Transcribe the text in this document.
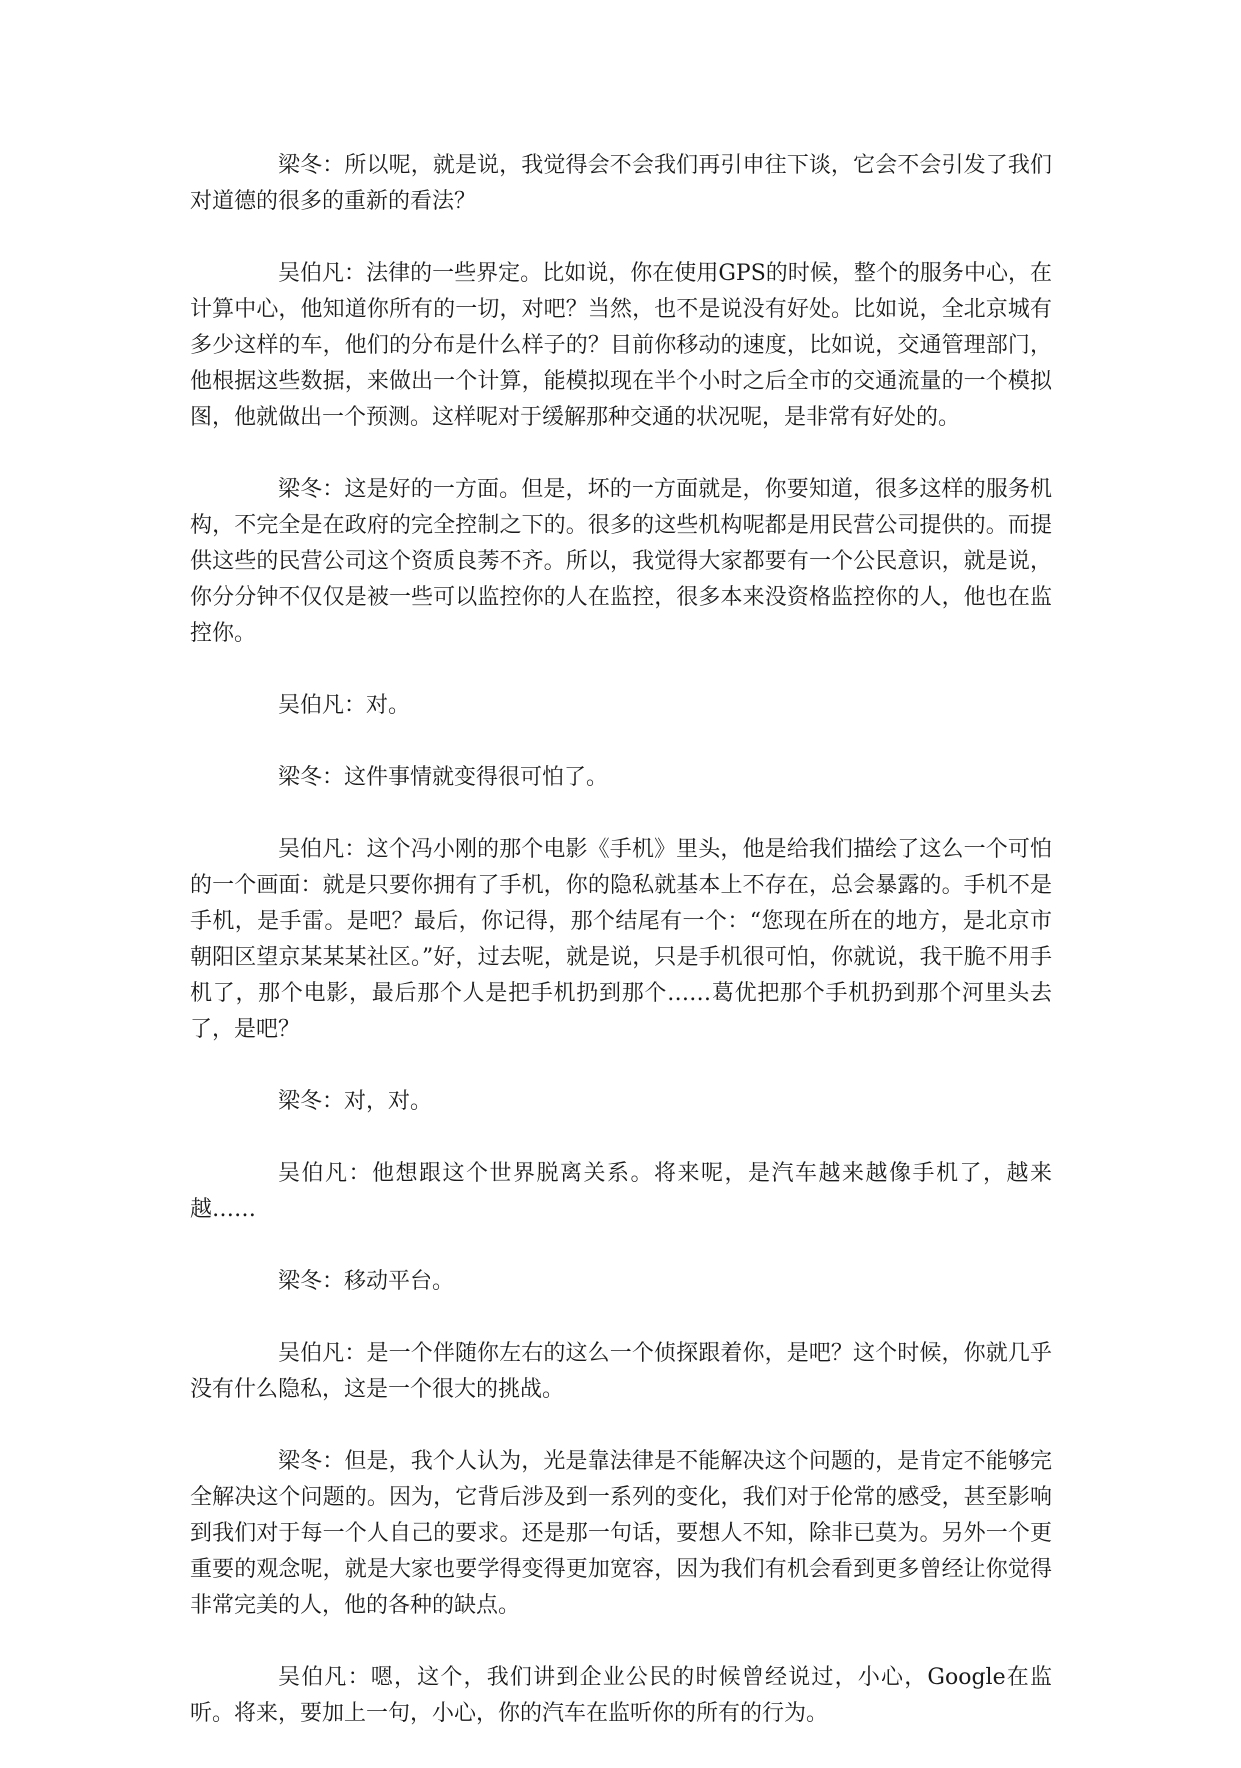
梁冬：所以呢，就是说，我觉得会不会我们再引申往下谈，它会不会引发了我们对道德的很多的重新的看法？

吴伯凡：法律的一些界定。比如说，你在使用GPS的时候，整个的服务中心，在计算中心，他知道你所有的一切，对吧？当然，也不是说没有好处。比如说，全北京城有多少这样的车，他们的分布是什么样子的？目前你移动的速度，比如说，交通管理部门，他根据这些数据，来做出一个计算，能模拟现在半个小时之后全市的交通流量的一个模拟图，他就做出一个预测。这样呢对于缓解那种交通的状况呢，是非常有好处的。

梁冬：这是好的一方面。但是，坏的一方面就是，你要知道，很多这样的服务机构，不完全是在政府的完全控制之下的。很多的这些机构呢都是用民营公司提供的。而提供这些的民营公司这个资质良莠不齐。所以，我觉得大家都要有一个公民意识，就是说，你分分钟不仅仅是被一些可以监控你的人在监控，很多本来没资格监控你的人，他也在监控你。

吴伯凡：对。

梁冬：这件事情就变得很可怕了。

吴伯凡：这个冯小刚的那个电影《手机》里头，他是给我们描绘了这么一个可怕的一个画面：就是只要你拥有了手机，你的隐私就基本上不存在，总会暴露的。手机不是手机，是手雷。是吧？最后，你记得，那个结尾有一个：“您现在所在的地方，是北京市朝阳区望京某某某社区。”好，过去呢，就是说，只是手机很可怕，你就说，我干脆不用手机了，那个电影，最后那个人是把手机扔到那个……葛优把那个手机扔到那个河里头去了，是吧？

梁冬：对，对。

吴伯凡：他想跟这个世界脱离关系。将来呢，是汽车越来越像手机了，越来越……

梁冬：移动平台。

吴伯凡：是一个伴随你左右的这么一个侦探跟着你，是吧？这个时候，你就几乎没有什么隐私，这是一个很大的挑战。

梁冬：但是，我个人认为，光是靠法律是不能解决这个问题的，是肯定不能够完全解决这个问题的。因为，它背后涉及到一系列的变化，我们对于伦常的感受，甚至影响到我们对于每一个人自己的要求。还是那一句话，要想人不知，除非已莫为。另外一个更重要的观念呢，就是大家也要学得变得更加宽容，因为我们有机会看到更多曾经让你觉得非常完美的人，他的各种的缺点。

吴伯凡：嗯，这个，我们讲到企业公民的时候曾经说过，小心，Google在监听。将来，要加上一句，小心，你的汽车在监听你的所有的行为。
